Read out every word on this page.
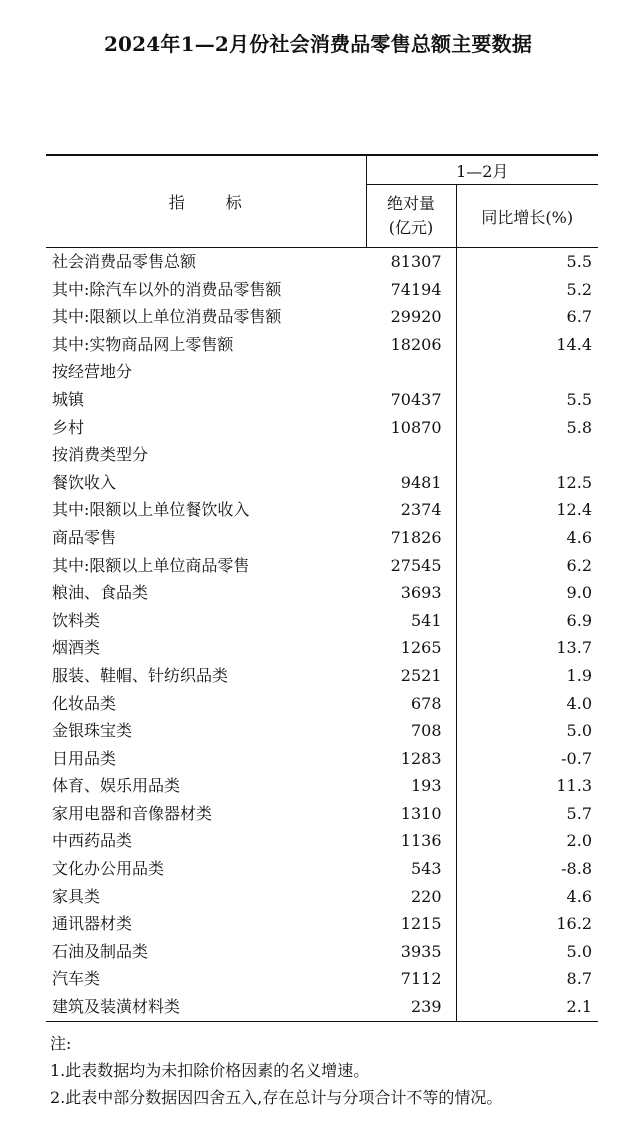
2024年1—2月份社会消费品零售总额主要数据
指 标	1—2月	

	绝对量
(亿元)	同比增长(%)
社会消费品零售总额	81307	5.5
其中:除汽车以外的消费品零售额	74194	5.2
其中:限额以上单位消费品零售额	29920	6.7
其中:实物商品网上零售额	18206	14.4
按经营地分		
城镇	70437	5.5
乡村	10870	5.8
按消费类型分		
餐饮收入	9481	12.5
其中:限额以上单位餐饮收入	2374	12.4
商品零售	71826	4.6
其中:限额以上单位商品零售	27545	6.2
粮油、食品类	3693	9.0
饮料类	541	6.9
烟酒类	1265	13.7
服装、鞋帽、针纺织品类	2521	1.9
化妆品类	678	4.0
金银珠宝类	708	5.0
日用品类	1283	-0.7
体育、娱乐用品类	193	11.3
家用电器和音像器材类	1310	5.7
中西药品类	1136	2.0
文化办公用品类	543	-8.8
家具类	220	4.6
通讯器材类	1215	16.2
石油及制品类	3935	5.0
汽车类	7112	8.7
建筑及装潢材料类	239	2.1
注:
1.此表数据均为未扣除价格因素的名义增速。
2.此表中部分数据因四舍五入,存在总计与分项合计不等的情况。
